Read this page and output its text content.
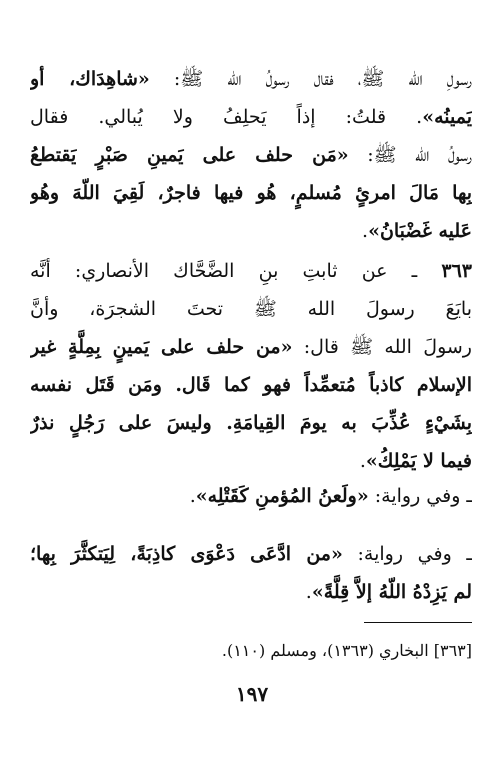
رسولِ الله ﷺ، فقال رسولُ الله ﷺ: «شاهِدَاك، أو
يَمينُه». قلتُ: إذاً يَحلِفُ ولا يُبالي. فقال
رسولُ الله ﷺ: «مَن حلف على يَمينِ صَبْرٍ يَقتطعُ
بِها مَالَ امرئٍ مُسلمٍ، هُو فيها فاجرٌ، لَقِيَ اللّهَ وهُو
عَليه غَضْبَانُ».
٣٦٣ ـ عن ثابتِ بنِ الضَّحَّاك الأنصاري: أنَّه
بايَعَ رسولَ الله ﷺ تحتَ الشجرَة، وأنَّ
رسولَ الله ﷺ قال: «من حلف على يَمينٍ بِمِلَّةٍ غير
الإسلام كاذباً مُتعمِّداً فهو كما قَال. ومَن قَتَل نفسه
بِشَيْءٍ عُذِّبَ به يومَ القِيامَةِ. وليسَ على رَجُلٍ نذرٌ
فيما لا يَمْلِكُ».
ـ وفي رواية: «ولَعنُ المُؤمنِ كَقَتْلِه».
ـ وفي رواية: «من ادَّعَى دَعْوَى كاذِبَةً، لِيَتكثَّرَ بِها؛
لم يَزِدْهُ اللّهُ إلاَّ قِلَّةً».
[٣٦٣] البخاري (١٣٦٣)، ومسلم (١١٠).
١٩٧
